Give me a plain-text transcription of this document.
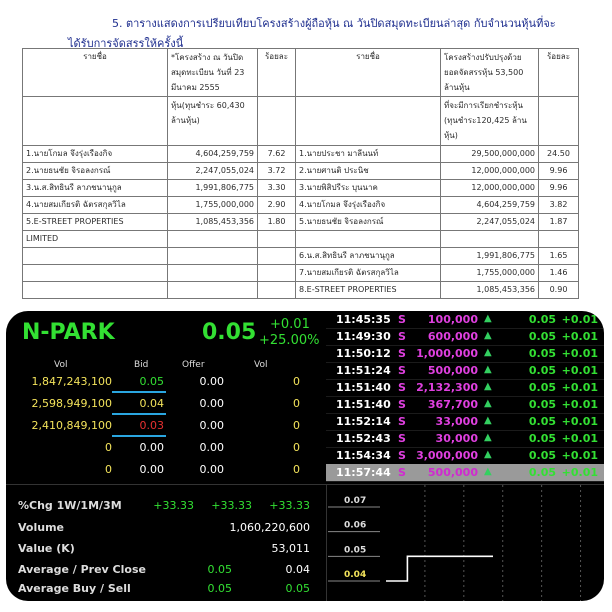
5. ตารางแสดงการเปรียบเทียบโครงสร้างผู้ถือหุ้น ณ วันปิดสมุดทะเบียนล่าสุด กับจำนวนหุ้นที่จะ
ได้รับการจัดสรรให้ครั้งนี้
รายชื่อ	*โครงสร้าง ณ วันปิดสมุดทะเบียน วันที่ 23 มีนาคม 2555	ร้อยละ	รายชื่อ	โครงสร้างปรับปรุงด้วยยอดจัดสรรหุ้น 53,500 ล้านหุ้น	ร้อยละ
	หุ้น(ทุนชำระ 60,430 ล้านหุ้น)			ที่จะมีการเรียกชำระหุ้น (ทุนชำระ120,425 ล้านหุ้น)	
1.นายโกมล จึงรุ่งเรืองกิจ	4,604,259,759	7.62	1.นายประชา มาลีนนท์	29,500,000,000	24.50
2.นายธนชัย จิรอลงกรณ์	2,247,055,024	3.72	2.นายศานติ ประนิช	12,000,000,000	9.96
3.น.ส.สิทธินรี ลาภชนานุกูล	1,991,806,775	3.30	3.นายพิสิปรีระ บุนนาค	12,000,000,000	9.96
4.นายสมเกียรติ ฉัตรสกุลวิไล	1,755,000,000	2.90	4.นายโกมล จึงรุ่งเรืองกิจ	4,604,259,759	3.82
5.E-STREET PROPERTIES	1,085,453,356	1.80	5.นายธนชัย จิรอลงกรณ์	2,247,055,024	1.87
LIMITED					
			6.น.ส.สิทธินรี ลาภชนานุกูล	1,991,806,775	1.65
			7.นายสมเกียรติ ฉัตรสกุลวิไล	1,755,000,000	1.46
			8.E-STREET PROPERTIES	1,085,453,356	0.90
N-PARK	0.05 +0.01
+25.00%
Vol	Bid	Offer	Vol
1,847,243,100	0.05	0.00	0
2,598,949,100	0.04	0.00	0
2,410,849,100	0.03	0.00	0
0	0.00	0.00	0
0	0.00	0.00	0
11:45:35 S	100,000	0.05 +0.01
▲
11:49:30 S	600,000	0.05 +0.01
▲
11:50:12 S 1,000,000	0.05 +0.01
▲
11:51:24 S	500,000	0.05 +0.01
▲
11:51:40 S 2,132,300	0.05 +0.01
▲
11:51:40 S	367,700	0.05 +0.01
▲
11:52:14 S	33,000	0.05 +0.01
▲
11:52:43 S	30,000	0.05 +0.01
▲
11:54:34 S 3,000,000	0.05 +0.01
▲
11:57:44 S	500,000	0.05 +0.01
▲
%Chg 1W/1M/3M	+33.33	+33.33	+33.33
Volume	1,060,220,600
Value (K)	53,011
Average / Prev Close	0.05	0.04
Average Buy / Sell	0.05	0.05
0.07
0.06
0.05
0.04
